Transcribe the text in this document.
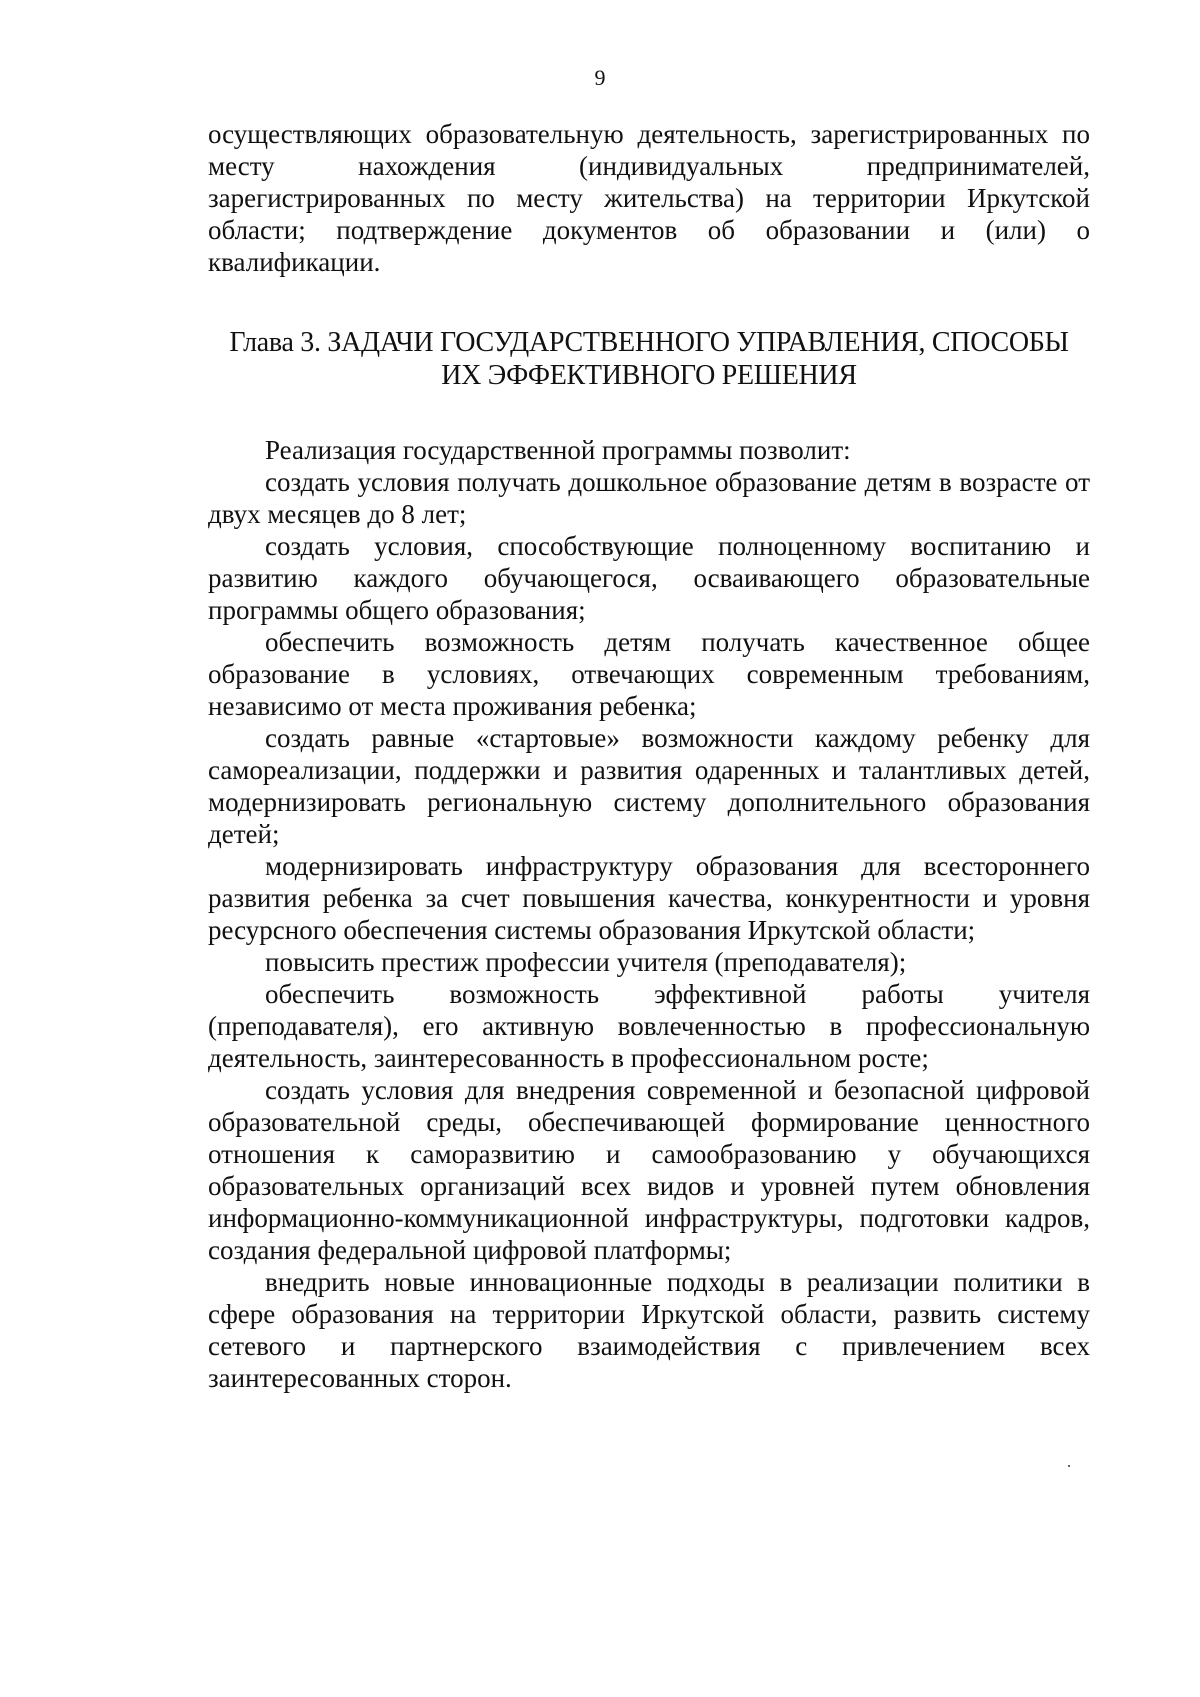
9

осуществляющих образовательную деятельность, зарегистрированных по месту нахождения (индивидуальных предпринимателей, зарегистрированных по месту жительства) на территории Иркутской области; подтверждение документов об образовании и (или) о квалификации.

Глава 3. ЗАДАЧИ ГОСУДАРСТВЕННОГО УПРАВЛЕНИЯ, СПОСОБЫ
ИХ ЭФФЕКТИВНОГО РЕШЕНИЯ

Реализация государственной программы позволит:

создать условия получать дошкольное образование детям в возрасте от двух месяцев до 8 лет;

создать условия, способствующие полноценному воспитанию и развитию каждого обучающегося, осваивающего образовательные программы общего образования;

обеспечить возможность детям получать качественное общее образование в условиях, отвечающих современным требованиям, независимо от места проживания ребенка;

создать равные «стартовые» возможности каждому ребенку для самореализации, поддержки и развития одаренных и талантливых детей, модернизировать региональную систему дополнительного образования детей;

модернизировать инфраструктуру образования для всестороннего развития ребенка за счет повышения качества, конкурентности и уровня ресурсного обеспечения системы образования Иркутской области;

повысить престиж профессии учителя (преподавателя);

обеспечить возможность эффективной работы учителя (преподавателя), его активную вовлеченностью в профессиональную деятельность, заинтересованность в профессиональном росте;

создать условия для внедрения современной и безопасной цифровой образовательной среды, обеспечивающей формирование ценностного отношения к саморазвитию и самообразованию у обучающихся образовательных организаций всех видов и уровней путем обновления информационно-коммуникационной инфраструктуры, подготовки кадров, создания федеральной цифровой платформы;

внедрить новые инновационные подходы в реализации политики в сфере образования на территории Иркутской области, развить систему сетевого и партнерского взаимодействия с привлечением всех заинтересованных сторон.
